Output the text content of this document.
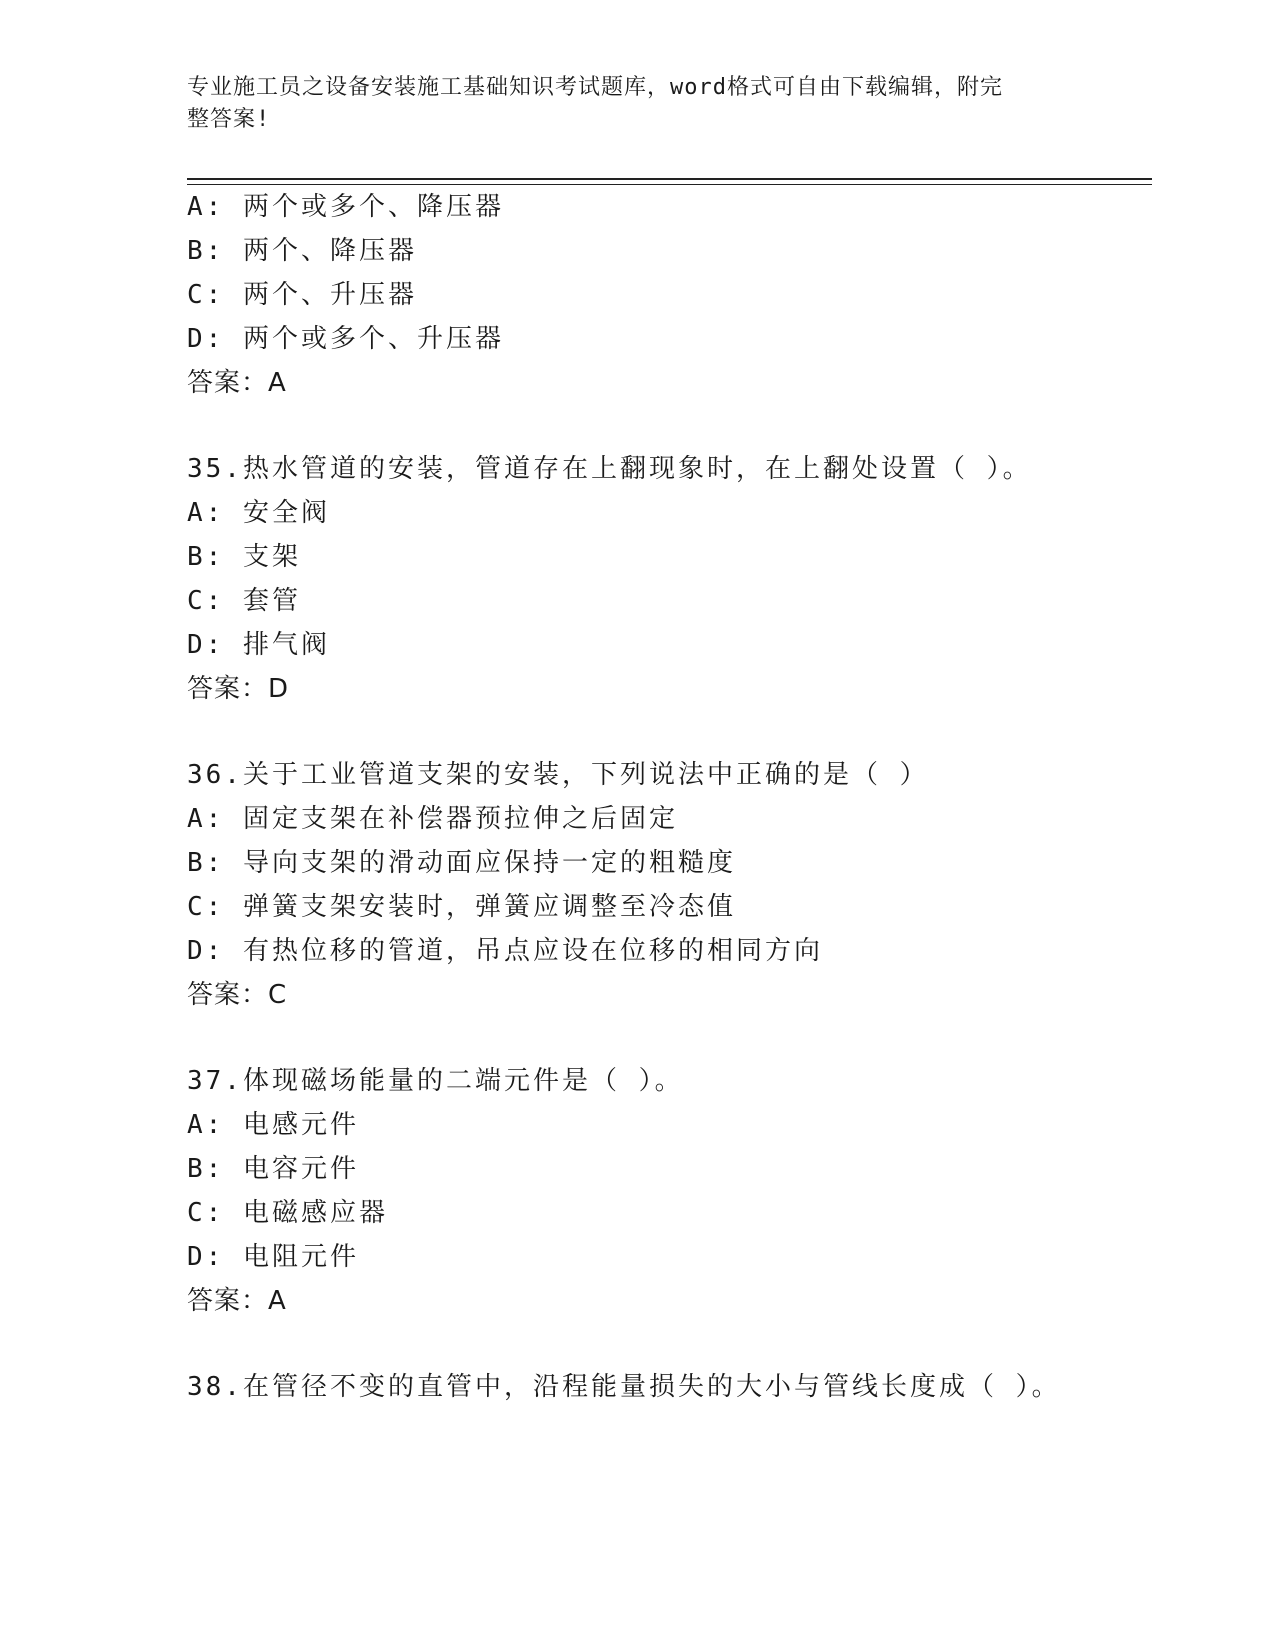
专业施工员之设备安装施工基础知识考试题库，word格式可自由下载编辑，附完
整答案!
A: 两个或多个、降压器
B: 两个、降压器
C: 两个、升压器
D: 两个或多个、升压器
答案：A
35.热水管道的安装，管道存在上翻现象时，在上翻处设置（ ）。
A: 安全阀
B: 支架
C: 套管
D: 排气阀
答案：D
36.关于工业管道支架的安装，下列说法中正确的是（ ）
A: 固定支架在补偿器预拉伸之后固定
B: 导向支架的滑动面应保持一定的粗糙度
C: 弹簧支架安装时，弹簧应调整至冷态值
D: 有热位移的管道，吊点应设在位移的相同方向
答案：C
37.体现磁场能量的二端元件是（ ）。
A: 电感元件
B: 电容元件
C: 电磁感应器
D: 电阻元件
答案：A
38.在管径不变的直管中，沿程能量损失的大小与管线长度成（ ）。
